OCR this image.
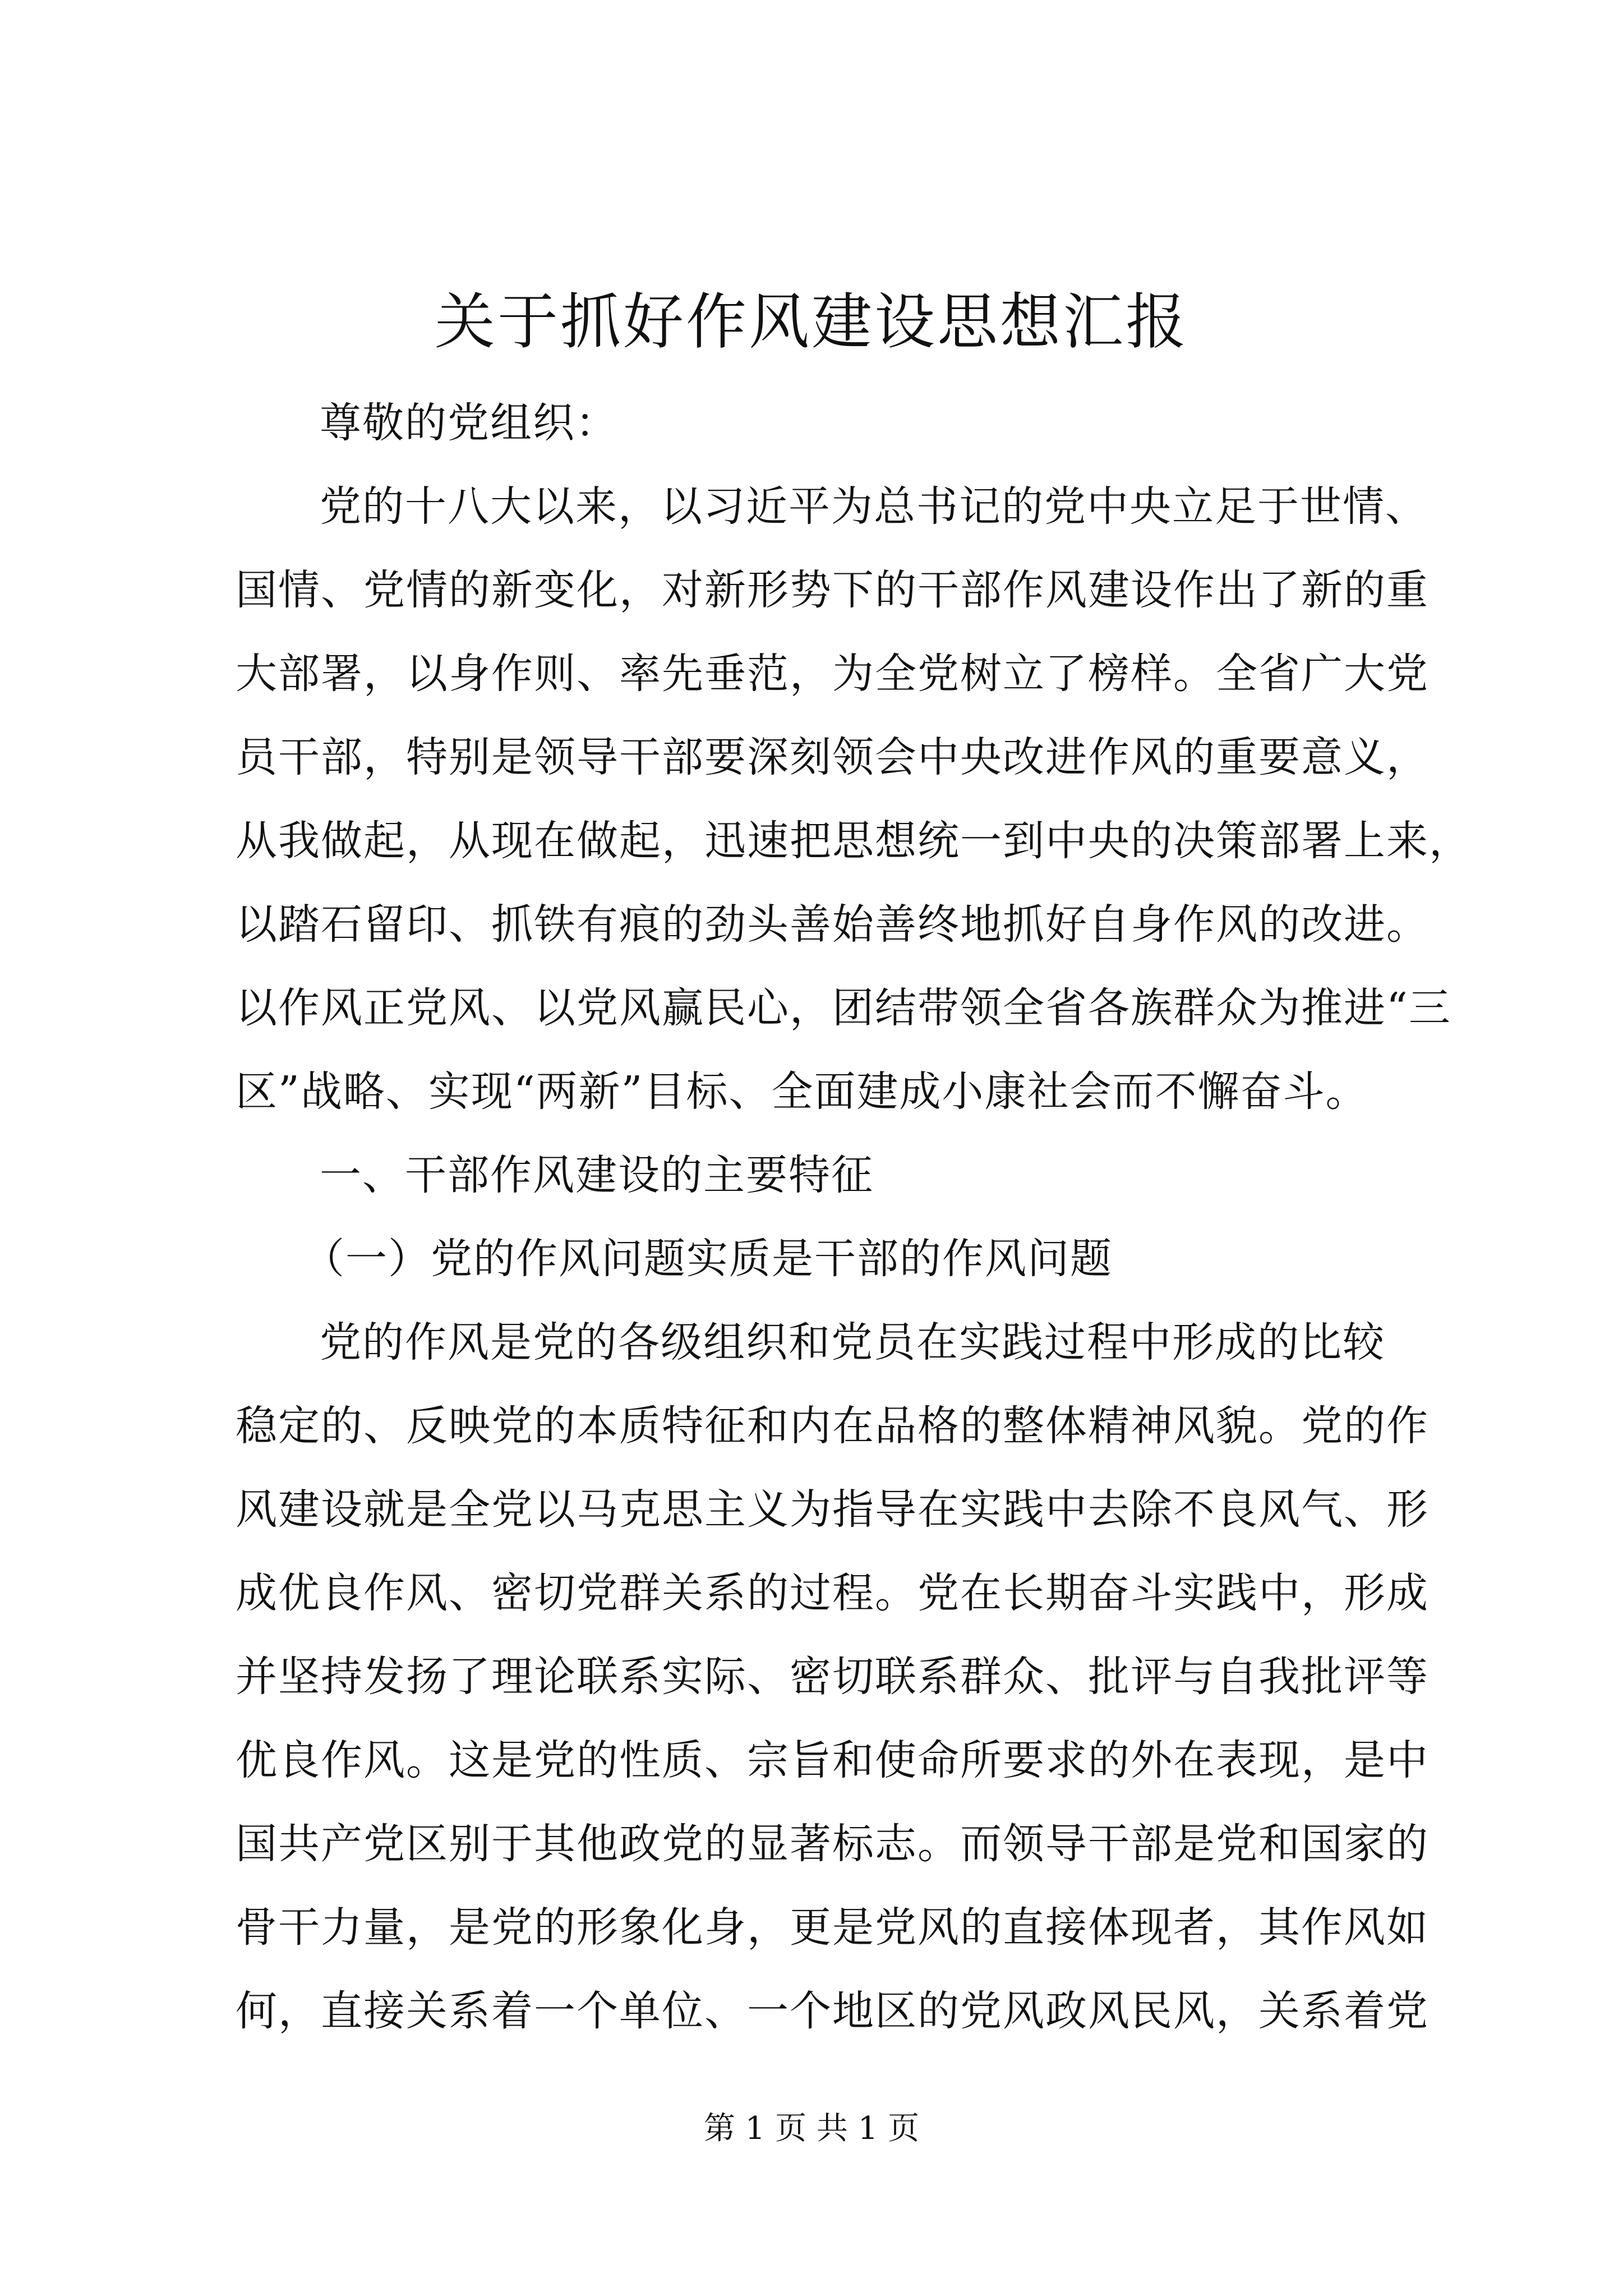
关于抓好作风建设思想汇报
尊敬的党组织：
党的十八大以来，以习近平为总书记的党中央立足于世情、
国情、党情的新变化，对新形势下的干部作风建设作出了新的重
大部署，以身作则、率先垂范，为全党树立了榜样。全省广大党
员干部，特别是领导干部要深刻领会中央改进作风的重要意义，
从我做起，从现在做起，迅速把思想统一到中央的决策部署上来，
以踏石留印、抓铁有痕的劲头善始善终地抓好自身作风的改进。
以作风正党风、以党风赢民心，团结带领全省各族群众为推进“三
区”战略、实现“两新”目标、全面建成小康社会而不懈奋斗。
一、干部作风建设的主要特征
（一）党的作风问题实质是干部的作风问题
党的作风是党的各级组织和党员在实践过程中形成的比较
稳定的、反映党的本质特征和内在品格的整体精神风貌。党的作
风建设就是全党以马克思主义为指导在实践中去除不良风气、形
成优良作风、密切党群关系的过程。党在长期奋斗实践中，形成
并坚持发扬了理论联系实际、密切联系群众、批评与自我批评等
优良作风。这是党的性质、宗旨和使命所要求的外在表现，是中
国共产党区别于其他政党的显著标志。而领导干部是党和国家的
骨干力量，是党的形象化身，更是党风的直接体现者，其作风如
何，直接关系着一个单位、一个地区的党风政风民风，关系着党
第 1 页 共 1 页
